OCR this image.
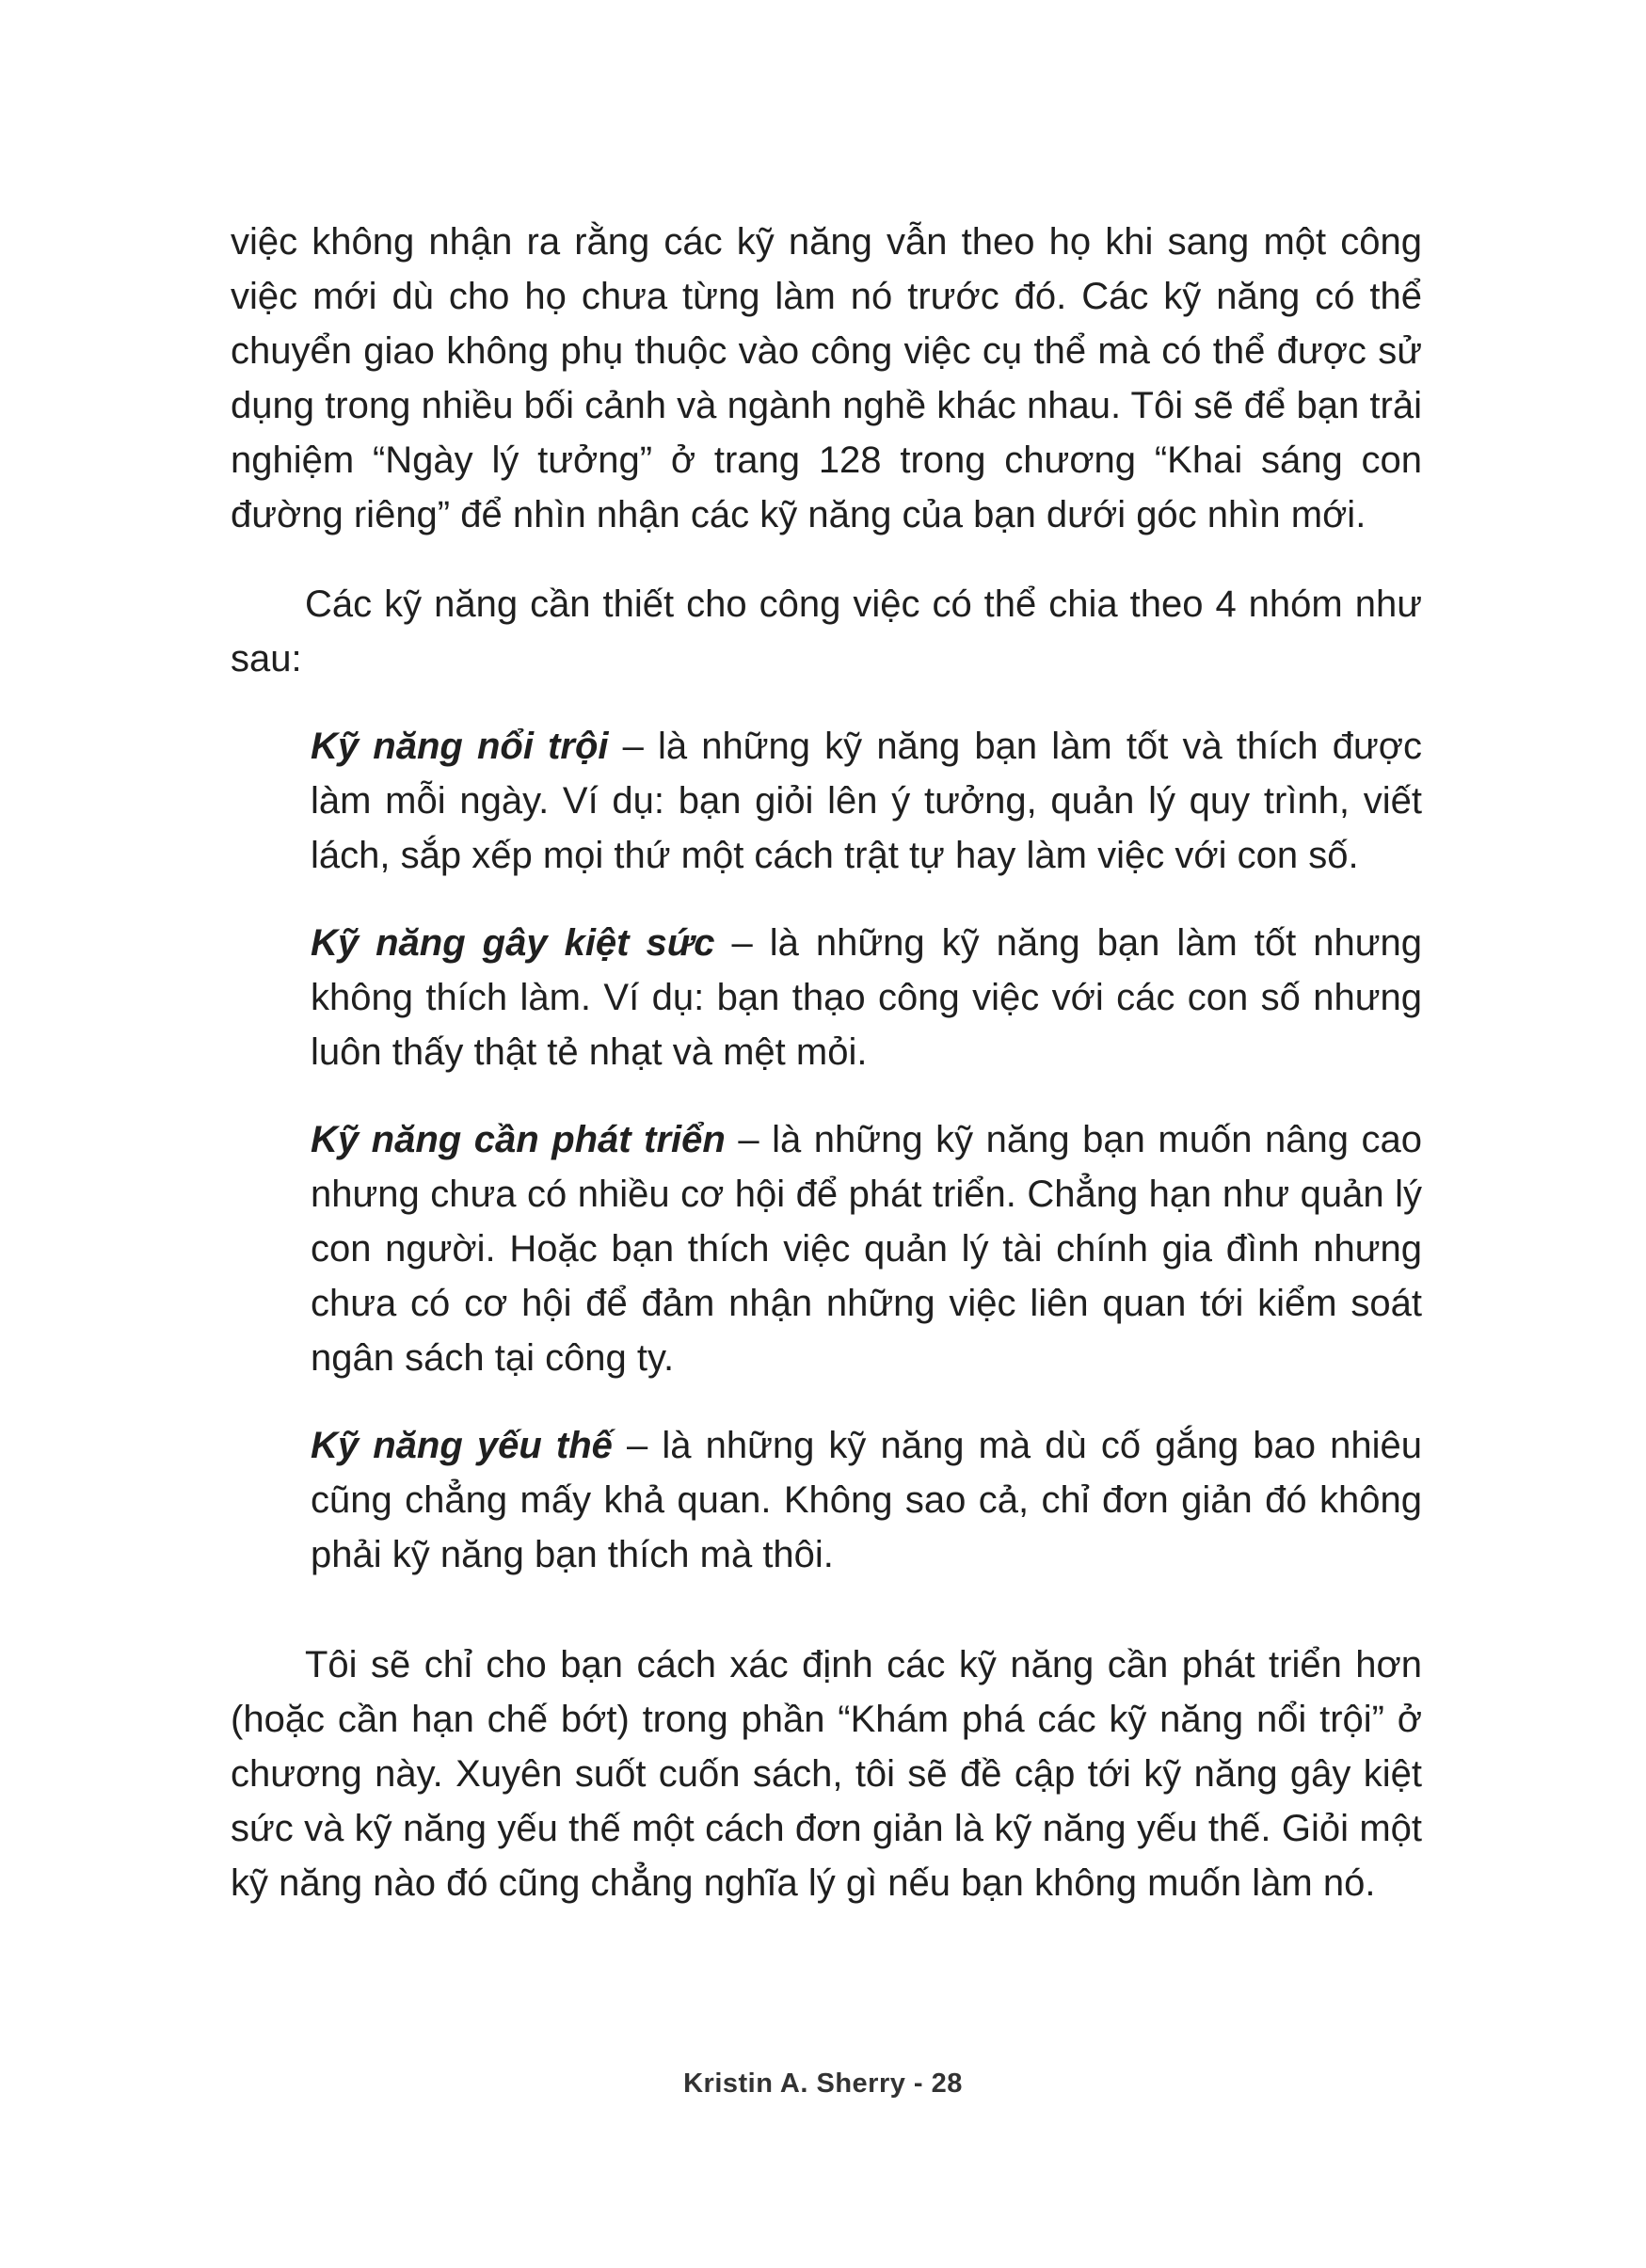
việc không nhận ra rằng các kỹ năng vẫn theo họ khi sang một công việc mới dù cho họ chưa từng làm nó trước đó. Các kỹ năng có thể chuyển giao không phụ thuộc vào công việc cụ thể mà có thể được sử dụng trong nhiều bối cảnh và ngành nghề khác nhau. Tôi sẽ để bạn trải nghiệm “Ngày lý tưởng” ở trang 128 trong chương “Khai sáng con đường riêng” để nhìn nhận các kỹ năng của bạn dưới góc nhìn mới.

Các kỹ năng cần thiết cho công việc có thể chia theo 4 nhóm như sau:

Kỹ năng nổi trội – là những kỹ năng bạn làm tốt và thích được làm mỗi ngày. Ví dụ: bạn giỏi lên ý tưởng, quản lý quy trình, viết lách, sắp xếp mọi thứ một cách trật tự hay làm việc với con số.

Kỹ năng gây kiệt sức – là những kỹ năng bạn làm tốt nhưng không thích làm. Ví dụ: bạn thạo công việc với các con số nhưng luôn thấy thật tẻ nhạt và mệt mỏi.

Kỹ năng cần phát triển – là những kỹ năng bạn muốn nâng cao nhưng chưa có nhiều cơ hội để phát triển. Chẳng hạn như quản lý con người. Hoặc bạn thích việc quản lý tài chính gia đình nhưng chưa có cơ hội để đảm nhận những việc liên quan tới kiểm soát ngân sách tại công ty.

Kỹ năng yếu thế – là những kỹ năng mà dù cố gắng bao nhiêu cũng chẳng mấy khả quan. Không sao cả, chỉ đơn giản đó không phải kỹ năng bạn thích mà thôi.

Tôi sẽ chỉ cho bạn cách xác định các kỹ năng cần phát triển hơn (hoặc cần hạn chế bớt) trong phần “Khám phá các kỹ năng nổi trội” ở chương này. Xuyên suốt cuốn sách, tôi sẽ đề cập tới kỹ năng gây kiệt sức và kỹ năng yếu thế một cách đơn giản là kỹ năng yếu thế. Giỏi một kỹ năng nào đó cũng chẳng nghĩa lý gì nếu bạn không muốn làm nó.

Kristin A. Sherry - 28
